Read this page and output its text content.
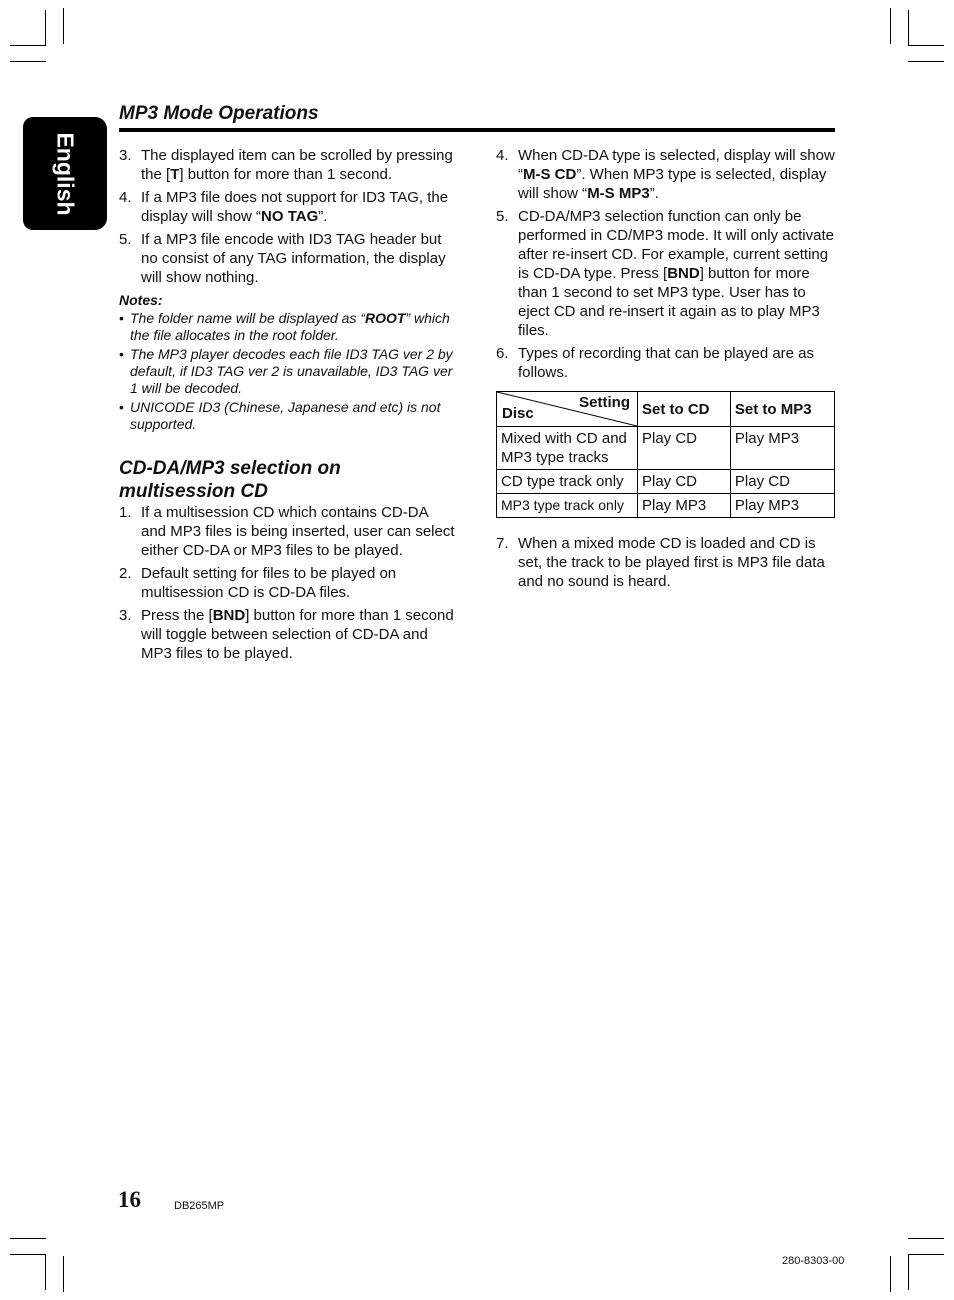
English
MP3 Mode Operations
3. The displayed item can be scrolled by pressing the [T] button for more than 1 second.
4. If a MP3 file does not support for ID3 TAG, the display will show “NO TAG”.
5. If a MP3 file encode with ID3 TAG header but no consist of any TAG information, the display will show nothing.
Notes:
• The folder name will be displayed as “ROOT” which the file allocates in the root folder.
• The MP3 player decodes each file ID3 TAG ver 2 by default, if ID3 TAG ver 2 is unavailable, ID3 TAG ver 1 will be decoded.
• UNICODE ID3 (Chinese, Japanese and etc) is not supported.
CD-DA/MP3 selection on
multisession CD
1. If a multisession CD which contains CD-DA and MP3 files is being inserted, user can select either CD-DA or MP3 files to be played.
2. Default setting for files to be played on multisession CD is CD-DA files.
3. Press the [BND] button for more than 1 second will toggle between selection of CD-DA and MP3 files to be played.
4. When CD-DA type is selected, display will show “M-S CD”. When MP3 type is selected, display will show “M-S MP3”.
5. CD-DA/MP3 selection function can only be performed in CD/MP3 mode. It will only activate after re-insert CD. For example, current setting is CD-DA type. Press [BND] button for more than 1 second to set MP3 type. User has to eject CD and re-insert it again as to play MP3 files.
6. Types of recording that can be played are as follows.
Setting
Disc	Set to CD	Set to MP3
Mixed with CD and MP3 type tracks	Play CD	Play MP3
CD type track only	Play CD	Play CD
MP3 type track only	Play MP3	Play MP3
7. When a mixed mode CD is loaded and CD is set, the track to be played first is MP3 file data and no sound is heard.
16	DB265MP
280-8303-00
